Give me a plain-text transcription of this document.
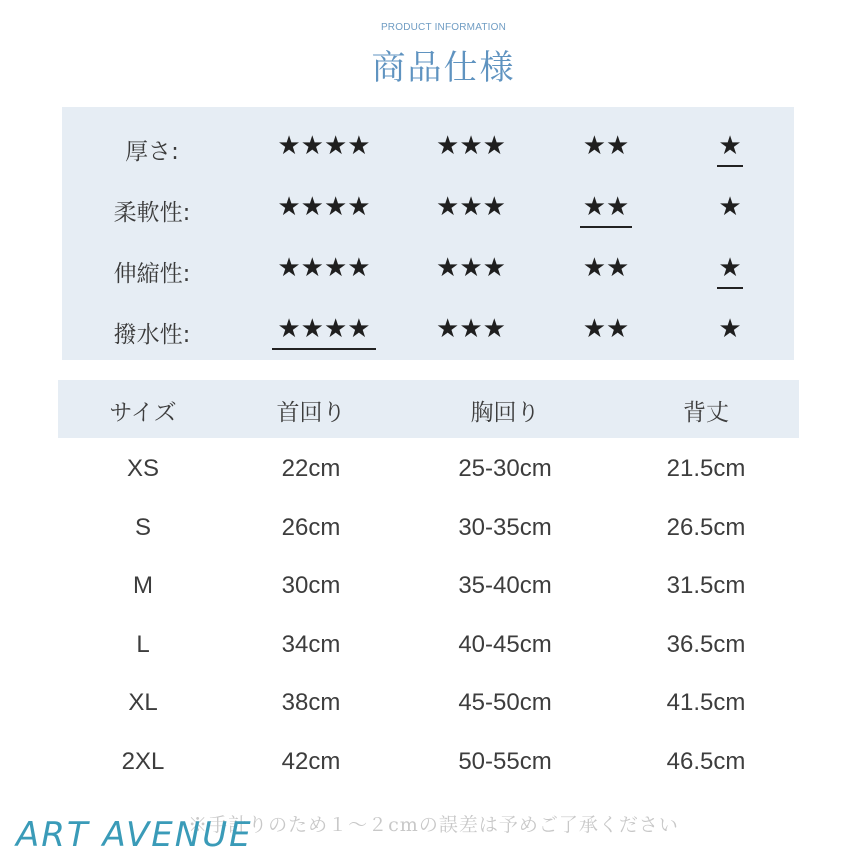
PRODUCT INFORMATION
商品仕様
厚さ:	★★★★	★★★	★★	★
柔軟性:	★★★★	★★★	★★	★
伸縮性:	★★★★	★★★	★★	★
撥水性:	★★★★	★★★	★★	★
サイズ	首回り	胸回り	背丈
XS	22cm	25-30cm	21.5cm
S	26cm	30-35cm	26.5cm
M	30cm	35-40cm	31.5cm
L	34cm	40-45cm	36.5cm
XL	38cm	45-50cm	41.5cm
2XL	42cm	50-55cm	46.5cm
※手計りのため１～２cmの誤差は予めご了承ください
ART AVENUE
